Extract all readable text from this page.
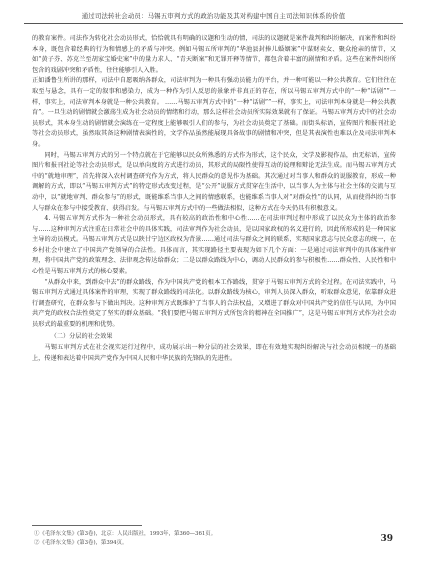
通过司法转社会动员：马锡五审判方式的政治功能及其对构建中国自主司法知识体系的价值

的教育案件。司法作为转化社会动员形式，恰恰就具有明确的议题和生动的情，司法的议题就是案件裁判和纠纷解决，而案件和纠纷本身，既包含着经典的行为和情感上的矛盾与冲突。例如马锡五所审判的“华池县封捧儿婚姻案”中谋财卖女、聚众抢亲的情节，又如“黄子芬、苏克兰至胡家宝婚史案”中的量力求人、“青天断案”和无罪开释等情节，都包含着丰富的剧情和矛盾。这些在案件纠纷所包含的戏剧冲突和矛盾性，往往能够引人入胜。

正如潘鲁生所讲的那样，司法中自愿吸纳各群众，司法审判为一种具有强动员能力的平台，并一种可能以一种公共教育。它们往往在取至与悬念，具有一定的叙事和感染力，成为一种作为引人反思的景象并非真正的存在，所以马锡五审判方式中的“一种“话剧””一样，事实上，司法审判本身就是一种公共教育。 ……马锡五审判方式中的“一种“话剧””一样，事实上，司法审判本身就是一种公共教育”。一旦生动的剧情就会激荡生成为社会动员的情绪和行动，那么这样社会动员所实际效果就有了保证。马锡五审判方式中的社会动员形式，其本身生动的剧情就会演练在一定程度上能够吸引人们的参与，为社会动员奠定了基础。而街头标语，宣传图片和报刊社论等社会动员形式，虽然取其备这种剧情表演性的，文学作品虽然能展现具备故事的剧情和冲突，但是其表演性也难以企及司法审判本身。

同时，马锡五审判方式的另一个特点就在于它能够以民众所熟悉的方式作为形式，这个民众，文学及影视作品，由无标语，宣传图片和报刊社论等社会动员形式，是以单向度的方式进行动员，其形式的局限性使得互动的说理和辩论无法生成。而马锡五审判方式中的“就地审理”，首先将深入农村调查研究作为方式，将人民群众的意见作为基础。其次通过对当事人和群众的说服教育，形成一种调解的方式，即以“马锡五审判方式”的特定形式改变过程，是“公开”说服方式贯穿在生活中，以当事人为主体与社会主体的交流与互动中，以“就地审判、群众参与”的形式，既能维系当事人之间的情感联系，也能维系当事人对“对群众性”的认同，从而使得纠纷当事人与群众在参与中接受教育、获得启发。与马锡五审判方式中的一些做法相似，这种方式在今天仍具有积极意义。

4. 马锡五审判方式作为一种社会动员形式，具有较高的政治性和中心性……在司法审判过程中形成了以民众为主体的政治参与……这种审判方式注重在日常社会中的具体实践，司法审判作为社会动员，是以国家政权的名义进行的，因此所形成的是一种国家主导的动员模式。马锡五审判方式是以陕甘宁边区政权为背景……通过司法与群众之间的联系，实现国家意志与民众意志的统一，在乡村社会中建立了中国共产党领导的合法性。具体而言，其实现路径主要表现为如下几个方面：一是通过司法审判中的具体案件审理，将中国共产党的政策理念、法律观念传达给群众；二是以群众路线为中心，调动人民群众的参与积极性……群众性、人民性和中心性是马锡五审判方式的核心要素。

“从群众中来，到群众中去”的群众路线，作为中国共产党的根本工作路线，贯穿于马锡五审判方式的全过程。在司法实践中，马锡五审判方式通过具体案件的审理，实现了群众路线的司法化。以群众路线为核心，审判人员深入群众，听取群众意见，依靠群众进行调查研究，在群众参与下做出判决。这种审判方式既维护了当事人的合法权益，又增进了群众对中国共产党的信任与认同，为中国共产党的政权合法性奠定了坚实的群众基础。“我们要把马锡五审判方式所包含的精神在全国推广”，这是马锡五审判方式作为社会动员形式的最重要的机理和优势。

（二）分层的社会效果

马锡五审判方式在社会视实运行过程中，成功展示出一种分层的社会效果，即在有效地实现纠纷解决与社会动员相统一的基础上，传递和表达着中国共产党作为中国人民和中华民族的先锋队的先进性。

①《毛泽东文集》(第3卷)，北京：人民出版社，1993年，第360—361页。
②《毛泽东文集》(第3卷)，第394页。	39
